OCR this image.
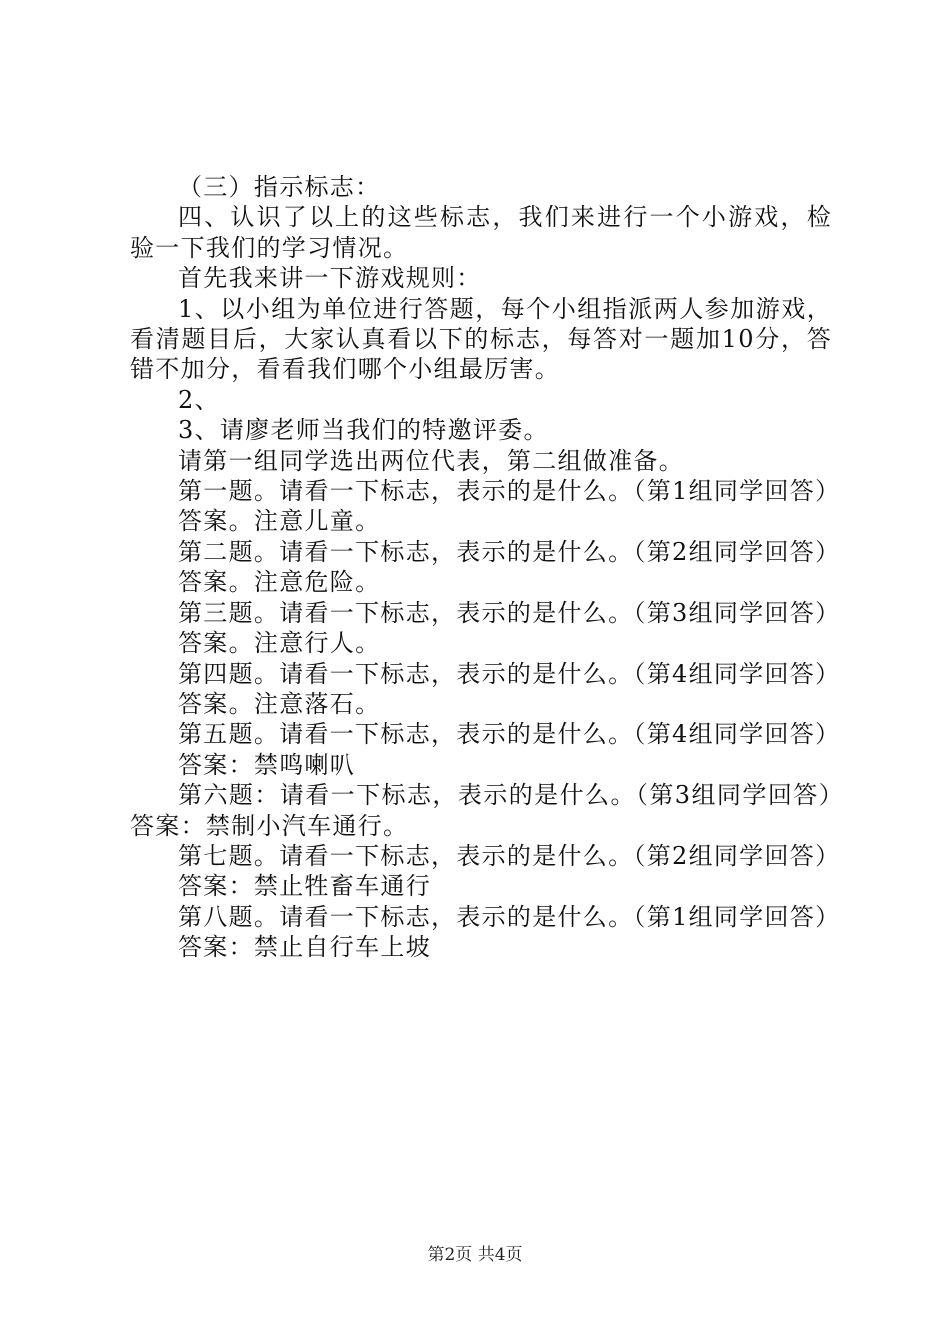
（三）指示标志：

四、认识了以上的这些标志，我们来进行一个小游戏，检验一下我们的学习情况。

首先我来讲一下游戏规则：

1、以小组为单位进行答题，每个小组指派两人参加游戏，看清题目后，大家认真看以下的标志，每答对一题加10分，答错不加分，看看我们哪个小组最厉害。

2、

3、请廖老师当我们的特邀评委。

请第一组同学选出两位代表，第二组做准备。

第一题。请看一下标志，表示的是什么。（第1组同学回答）

答案。注意儿童。

第二题。请看一下标志，表示的是什么。（第2组同学回答）

答案。注意危险。

第三题。请看一下标志，表示的是什么。（第3组同学回答）

答案。注意行人。

第四题。请看一下标志，表示的是什么。（第4组同学回答）

答案。注意落石。

第五题。请看一下标志，表示的是什么。（第4组同学回答）

答案：禁鸣喇叭

第六题：请看一下标志，表示的是什么。（第3组同学回答）答案：禁制小汽车通行。

第七题。请看一下标志，表示的是什么。（第2组同学回答）

答案：禁止牲畜车通行

第八题。请看一下标志，表示的是什么。（第1组同学回答）

答案：禁止自行车上坡

第2页 共4页
